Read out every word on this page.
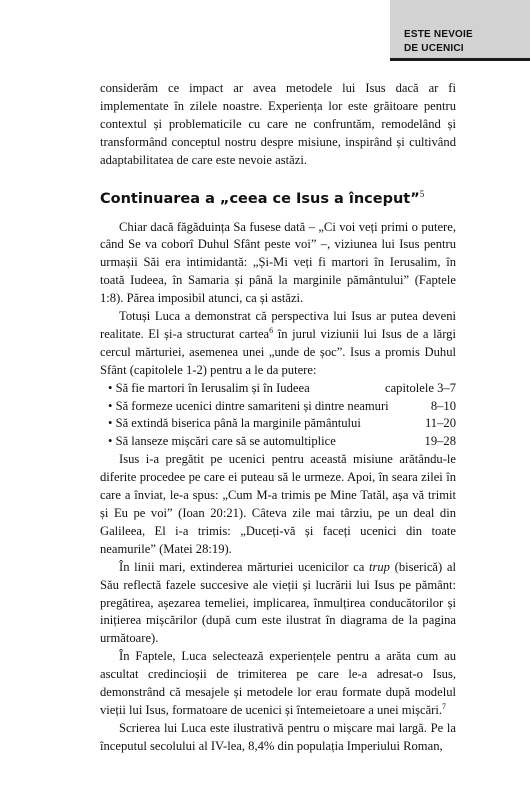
ESTE NEVOIE
DE UCENICI

considerăm ce impact ar avea metodele lui Isus dacă ar fi implementate în zilele noastre. Experiența lor este grăitoare pentru contextul și problematicile cu care ne confruntăm, remodelând și transformând conceptul nostru despre misiune, inspirând și cultivând adaptabilitatea de care este nevoie astăzi.

Continuarea a „ceea ce Isus a început”$^5$

Chiar dacă făgăduința Sa fusese dată – „Ci voi veți primi o putere, când Se va coborî Duhul Sfânt peste voi” –, viziunea lui Isus pentru urmașii Săi era intimidantă: „Și-Mi veți fi martori în Ierusalim, în toată Iudeea, în Samaria și până la marginile pământului” (Faptele 1:8). Părea imposibil atunci, ca și astăzi.

Totuși Luca a demonstrat că perspectiva lui Isus ar putea deveni realitate. El și-a structurat cartea$^6$ în jurul viziunii lui Isus de a lărgi cercul mărturiei, asemenea unei „unde de șoc”. Isus a promis Duhul Sfânt (capitolele 1-2) pentru a le da putere:

• Să fie martori în Ierusalim și în Iudeea	capitolele 3–7
• Să formeze ucenici dintre samariteni și dintre neamuri	8–10
• Să extindă biserica până la marginile pământului	11–20
• Să lanseze mișcări care să se automultiplice	19–28

Isus i-a pregătit pe ucenici pentru această misiune arătându-le diferite procedee pe care ei puteau să le urmeze. Apoi, în seara zilei în care a înviat, le-a spus: „Cum M-a trimis pe Mine Tatăl, așa vă trimit și Eu pe voi” (Ioan 20:21). Câteva zile mai târziu, pe un deal din Galileea, El i-a trimis: „Duceți-vă și faceți ucenici din toate neamurile” (Matei 28:19).

În linii mari, extinderea mărturiei ucenicilor ca trup (biserică) al Său reflectă fazele succesive ale vieții și lucrării lui Isus pe pământ: pregătirea, așezarea temeliei, implicarea, înmulțirea conducătorilor și inițierea mișcărilor (după cum este ilustrat în diagrama de la pagina următoare).

În Faptele, Luca selectează experiențele pentru a arăta cum au ascultat credincioșii de trimiterea pe care le-a adresat-o Isus, demonstrând că mesajele și metodele lor erau formate după modelul vieții lui Isus, formatoare de ucenici și întemeietoare a unei mișcări.$^7$

Scrierea lui Luca este ilustrativă pentru o mișcare mai largă. Pe la începutul secolului al IV-lea, 8,4% din populația Imperiului Roman,
